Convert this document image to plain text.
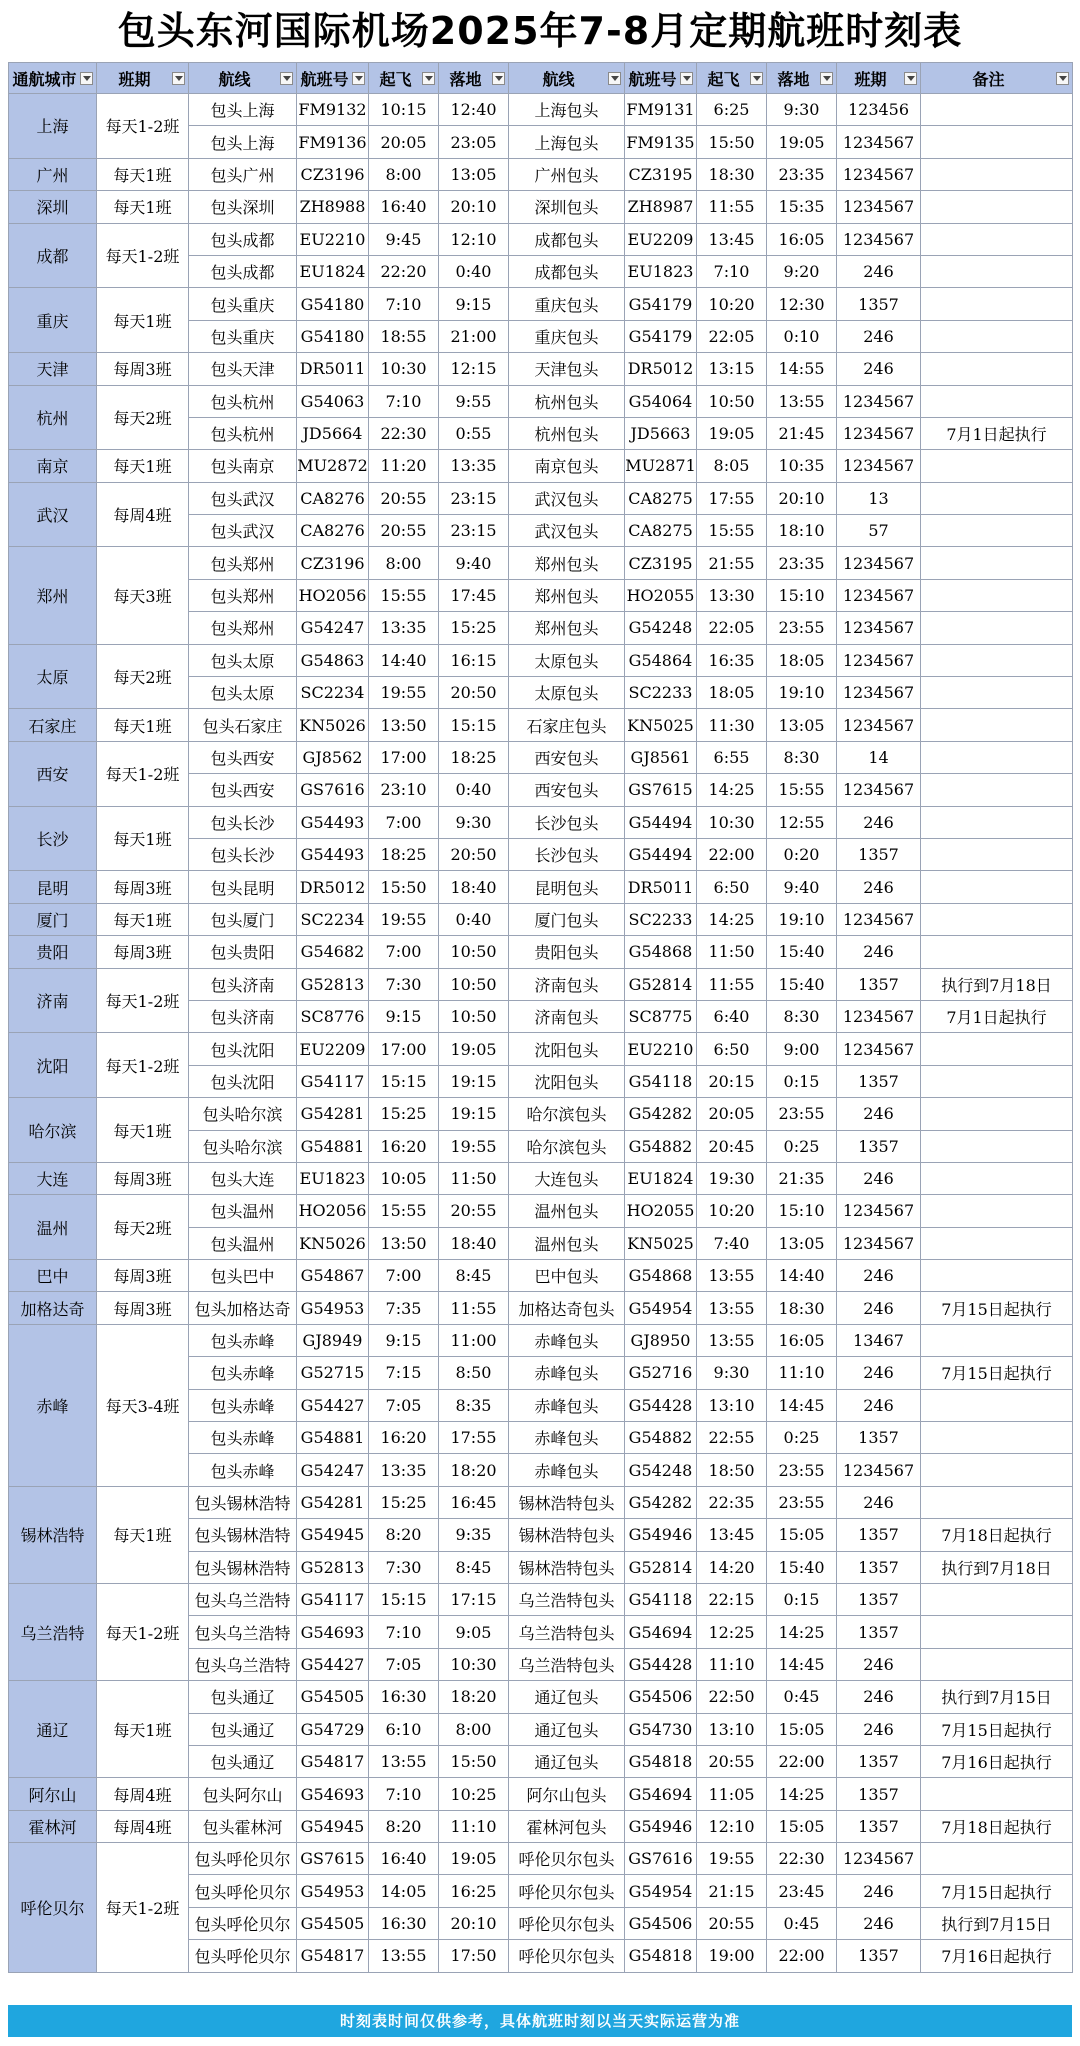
包头东河国际机场2025年7-8月定期航班时刻表
通航城市	班期	航线	航班号	起飞	落地	航线	航班号	起飞	落地	班期	备注

上海	每天1-2班	包头上海	FM9132	10:15	12:40	上海包头	FM9131	6:25	9:30	123456	
		包头上海	FM9136	20:05	23:05	上海包头	FM9135	15:50	19:05	1234567	
广州	每天1班	包头广州	CZ3196	8:00	13:05	广州包头	CZ3195	18:30	23:35	1234567	
深圳	每天1班	包头深圳	ZH8988	16:40	20:10	深圳包头	ZH8987	11:55	15:35	1234567	
成都	每天1-2班	包头成都	EU2210	9:45	12:10	成都包头	EU2209	13:45	16:05	1234567	
		包头成都	EU1824	22:20	0:40	成都包头	EU1823	7:10	9:20	246	
重庆	每天1班	包头重庆	G54180	7:10	9:15	重庆包头	G54179	10:20	12:30	1357	
		包头重庆	G54180	18:55	21:00	重庆包头	G54179	22:05	0:10	246	
天津	每周3班	包头天津	DR5011	10:30	12:15	天津包头	DR5012	13:15	14:55	246	
杭州	每天2班	包头杭州	G54063	7:10	9:55	杭州包头	G54064	10:50	13:55	1234567	
		包头杭州	JD5664	22:30	0:55	杭州包头	JD5663	19:05	21:45	1234567	7月1日起执行
南京	每天1班	包头南京	MU2872	11:20	13:35	南京包头	MU2871	8:05	10:35	1234567	
武汉	每周4班	包头武汉	CA8276	20:55	23:15	武汉包头	CA8275	17:55	20:10	13	
		包头武汉	CA8276	20:55	23:15	武汉包头	CA8275	15:55	18:10	57	
郑州	每天3班	包头郑州	CZ3196	8:00	9:40	郑州包头	CZ3195	21:55	23:35	1234567	
		包头郑州	HO2056	15:55	17:45	郑州包头	HO2055	13:30	15:10	1234567	
		包头郑州	G54247	13:35	15:25	郑州包头	G54248	22:05	23:55	1234567	
太原	每天2班	包头太原	G54863	14:40	16:15	太原包头	G54864	16:35	18:05	1234567	
		包头太原	SC2234	19:55	20:50	太原包头	SC2233	18:05	19:10	1234567	
石家庄	每天1班	包头石家庄	KN5026	13:50	15:15	石家庄包头	KN5025	11:30	13:05	1234567	
西安	每天1-2班	包头西安	GJ8562	17:00	18:25	西安包头	GJ8561	6:55	8:30	14	
		包头西安	GS7616	23:10	0:40	西安包头	GS7615	14:25	15:55	1234567	
长沙	每天1班	包头长沙	G54493	7:00	9:30	长沙包头	G54494	10:30	12:55	246	
		包头长沙	G54493	18:25	20:50	长沙包头	G54494	22:00	0:20	1357	
昆明	每周3班	包头昆明	DR5012	15:50	18:40	昆明包头	DR5011	6:50	9:40	246	
厦门	每天1班	包头厦门	SC2234	19:55	0:40	厦门包头	SC2233	14:25	19:10	1234567	
贵阳	每周3班	包头贵阳	G54682	7:00	10:50	贵阳包头	G54868	11:50	15:40	246	
济南	每天1-2班	包头济南	G52813	7:30	10:50	济南包头	G52814	11:55	15:40	1357	执行到7月18日
		包头济南	SC8776	9:15	10:50	济南包头	SC8775	6:40	8:30	1234567	7月1日起执行
沈阳	每天1-2班	包头沈阳	EU2209	17:00	19:05	沈阳包头	EU2210	6:50	9:00	1234567	
		包头沈阳	G54117	15:15	19:15	沈阳包头	G54118	20:15	0:15	1357	
哈尔滨	每天1班	包头哈尔滨	G54281	15:25	19:15	哈尔滨包头	G54282	20:05	23:55	246	
		包头哈尔滨	G54881	16:20	19:55	哈尔滨包头	G54882	20:45	0:25	1357	
大连	每周3班	包头大连	EU1823	10:05	11:50	大连包头	EU1824	19:30	21:35	246	
温州	每天2班	包头温州	HO2056	15:55	20:55	温州包头	HO2055	10:20	15:10	1234567	
		包头温州	KN5026	13:50	18:40	温州包头	KN5025	7:40	13:05	1234567	
巴中	每周3班	包头巴中	G54867	7:00	8:45	巴中包头	G54868	13:55	14:40	246	
加格达奇	每周3班	包头加格达奇	G54953	7:35	11:55	加格达奇包头	G54954	13:55	18:30	246	7月15日起执行
赤峰	每天3-4班	包头赤峰	GJ8949	9:15	11:00	赤峰包头	GJ8950	13:55	16:05	13467	
		包头赤峰	G52715	7:15	8:50	赤峰包头	G52716	9:30	11:10	246	7月15日起执行
		包头赤峰	G54427	7:05	8:35	赤峰包头	G54428	13:10	14:45	246	
		包头赤峰	G54881	16:20	17:55	赤峰包头	G54882	22:55	0:25	1357	
		包头赤峰	G54247	13:35	18:20	赤峰包头	G54248	18:50	23:55	1234567	
锡林浩特	每天1班	包头锡林浩特	G54281	15:25	16:45	锡林浩特包头	G54282	22:35	23:55	246	
		包头锡林浩特	G54945	8:20	9:35	锡林浩特包头	G54946	13:45	15:05	1357	7月18日起执行
		包头锡林浩特	G52813	7:30	8:45	锡林浩特包头	G52814	14:20	15:40	1357	执行到7月18日
乌兰浩特	每天1-2班	包头乌兰浩特	G54117	15:15	17:15	乌兰浩特包头	G54118	22:15	0:15	1357	
		包头乌兰浩特	G54693	7:10	9:05	乌兰浩特包头	G54694	12:25	14:25	1357	
		包头乌兰浩特	G54427	7:05	10:30	乌兰浩特包头	G54428	11:10	14:45	246	
通辽	每天1班	包头通辽	G54505	16:30	18:20	通辽包头	G54506	22:50	0:45	246	执行到7月15日
		包头通辽	G54729	6:10	8:00	通辽包头	G54730	13:10	15:05	246	7月15日起执行
		包头通辽	G54817	13:55	15:50	通辽包头	G54818	20:55	22:00	1357	7月16日起执行
阿尔山	每周4班	包头阿尔山	G54693	7:10	10:25	阿尔山包头	G54694	11:05	14:25	1357	
霍林河	每周4班	包头霍林河	G54945	8:20	11:10	霍林河包头	G54946	12:10	15:05	1357	7月18日起执行
呼伦贝尔	每天1-2班	包头呼伦贝尔	GS7615	16:40	19:05	呼伦贝尔包头	GS7616	19:55	22:30	1234567	
		包头呼伦贝尔	G54953	14:05	16:25	呼伦贝尔包头	G54954	21:15	23:45	246	7月15日起执行
		包头呼伦贝尔	G54505	16:30	20:10	呼伦贝尔包头	G54506	20:55	0:45	246	执行到7月15日
		包头呼伦贝尔	G54817	13:55	17:50	呼伦贝尔包头	G54818	19:00	22:00	1357	7月16日起执行
时刻表时间仅供参考，具体航班时刻以当天实际运营为准
